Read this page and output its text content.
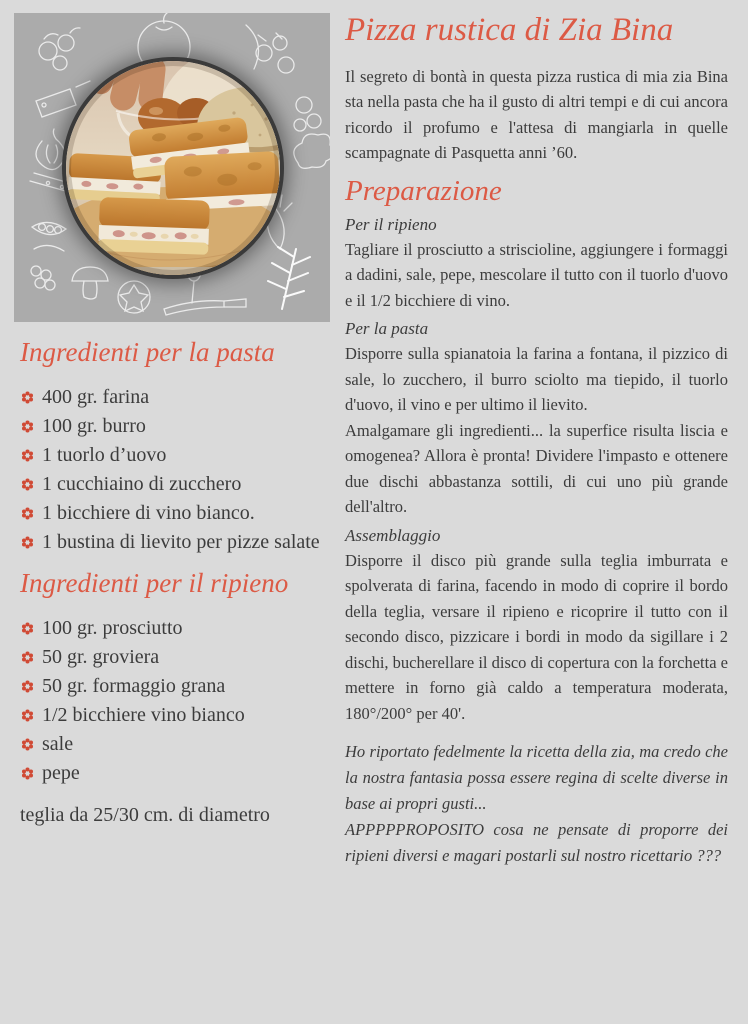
Ingredienti per la pasta
400 gr. farina
100 gr. burro
1 tuorlo d’uovo
1 cucchiaino di zucchero
1 bicchiere di vino bianco.
1 bustina di lievito per pizze salate
Ingredienti per il ripieno
100 gr. prosciutto
50 gr. groviera
50 gr. formaggio grana
1/2 bicchiere vino bianco
sale
pepe

teglia da 25/30 cm. di diametro

Pizza rustica di Zia Bina

Il segreto di bontà in questa pizza rustica di mia zia Bina sta nella pasta che ha il gusto di altri tempi e di cui ancora ricordo il profumo e l'attesa di mangiarla in quelle scampagnate di Pasquetta anni ’60.

Preparazione

Per il ripieno

Tagliare il prosciutto a striscioline, aggiungere i formaggi a dadini, sale, pepe, mescolare il tutto con il tuorlo d'uovo e il 1/2 bicchiere di vino.

Per la pasta

Disporre sulla spianatoia la farina a fontana, il pizzico di sale, lo zucchero, il burro sciolto ma tiepido, il tuorlo d'uovo, il vino e per ultimo il lievito.

Amalgamare gli ingredienti... la superfice risulta liscia e omogenea? Allora è pronta! Dividere l'impasto e ottenere due dischi abbastanza sottili, di cui uno più grande dell'altro.

Assemblaggio

Disporre il disco più grande sulla teglia imburrata e spolverata di farina, facendo in modo di coprire il bordo della teglia, versare il ripieno e ricoprire il tutto con il secondo disco, pizzicare i bordi in modo da sigillare i 2 dischi, bucherellare il disco di copertura con la forchetta e mettere in forno già caldo a temperatura moderata, 180°/200° per 40'.

Ho riportato fedelmente la ricetta della zia, ma credo che la nostra fantasia possa essere regina di scelte diverse in base ai propri gusti...

APPPPPROPOSITO cosa ne pensate di proporre dei ripieni diversi e magari postarli sul nostro ricettario ???
